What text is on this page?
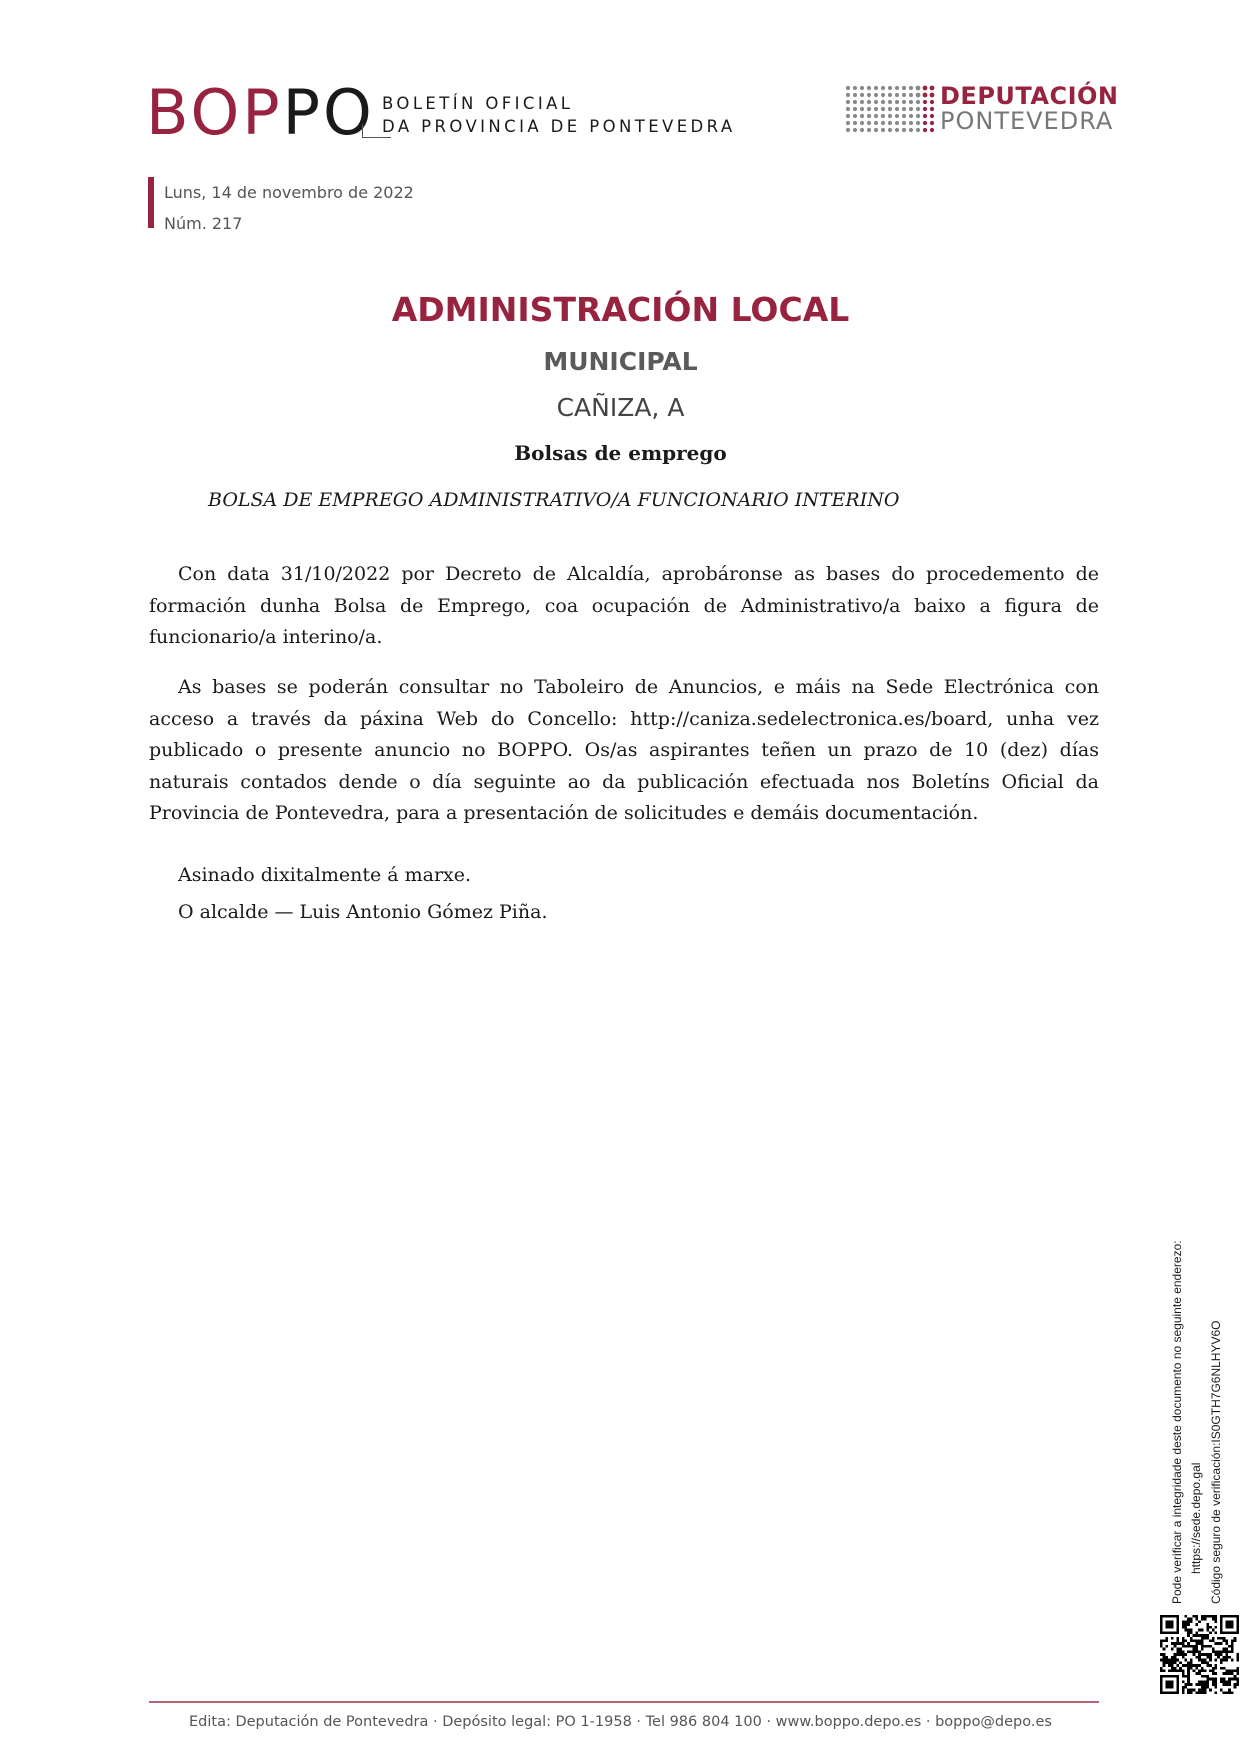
BOPPO BOLETÍN OFICIAL
DA PROVINCIA DE PONTEVEDRA
DEPUTACIÓN
PONTEVEDRA
Luns, 14 de novembro de 2022
Núm. 217
ADMINISTRACIÓN LOCAL
MUNICIPAL
CAÑIZA, A
Bolsas de emprego
BOLSA DE EMPREGO ADMINISTRATIVO/A FUNCIONARIO INTERINO
Con data 31/10/2022 por Decreto de Alcaldía, aprobáronse as bases do procedemento de formación dunha Bolsa de Emprego, coa ocupación de Administrativo/a baixo a figura de funcionario/a interino/a.
As bases se poderán consultar no Taboleiro de Anuncios, e máis na Sede Electrónica con acceso a través da páxina Web do Concello: http://caniza.sedelectronica.es/board, unha vez publicado o presente anuncio no BOPPO. Os/as aspirantes teñen un prazo de 10 (dez) días naturais contados dende o día seguinte ao da publicación efectuada nos Boletíns Oficial da Provincia de Pontevedra, para a presentación de solicitudes e demáis documentación.
Asinado dixitalmente á marxe.
O alcalde — Luis Antonio Gómez Piña.
Pode verificar a integridade deste documento no seguinte enderezo: https://sede.depo.gal Código seguro de verificación:IS0GTH7G6NLHYV6O
Edita: Deputación de Pontevedra · Depósito legal: PO 1-1958 · Tel 986 804 100 · www.boppo.depo.es · boppo@depo.es
